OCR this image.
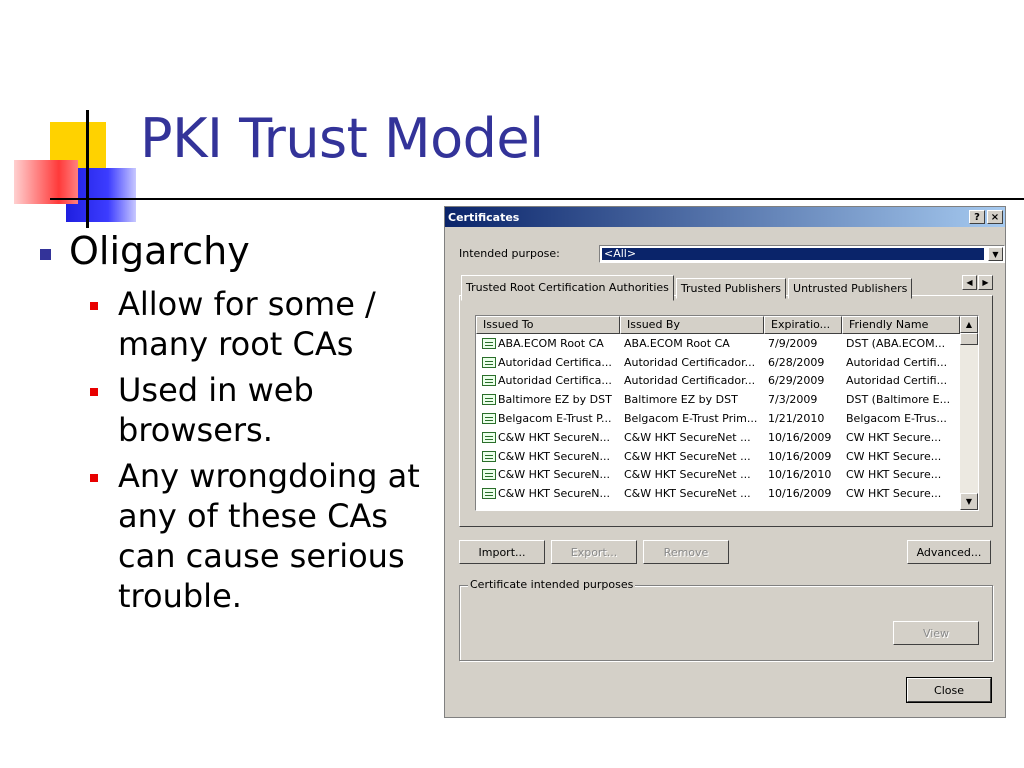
PKI Trust Model
Oligarchy
Allow for some / many root CAs
Used in web browsers.
Any wrongdoing at any of these CAs can cause serious trouble.
Certificates	?	×
Intended purpose:	<All>	▼
Trusted Root Certification Authorities	Trusted Publishers	Untrusted Publishers	◀	▶
Issued To	Issued By	Expiratio...	Friendly Name
ABA.ECOM Root CA	ABA.ECOM Root CA	7/9/2009	DST (ABA.ECOM...
Autoridad Certifica...	Autoridad Certificador...	6/28/2009	Autoridad Certifi...
Autoridad Certifica...	Autoridad Certificador...	6/29/2009	Autoridad Certifi...
Baltimore EZ by DST	Baltimore EZ by DST	7/3/2009	DST (Baltimore E...
Belgacom E-Trust P...	Belgacom E-Trust Prim... 1/21/2010	Belgacom E-Trus...
C&W HKT SecureN...	C&W HKT SecureNet ...	10/16/2009	CW HKT Secure...
C&W HKT SecureN...	C&W HKT SecureNet ...	10/16/2009	CW HKT Secure...
C&W HKT SecureN...	C&W HKT SecureNet ...	10/16/2010	CW HKT Secure...
C&W HKT SecureN...	C&W HKT SecureNet ...	10/16/2009	CW HKT Secure...
▲
▼
Import...	Export...	Remove	Advanced...
Certificate intended purposes
View
Close
